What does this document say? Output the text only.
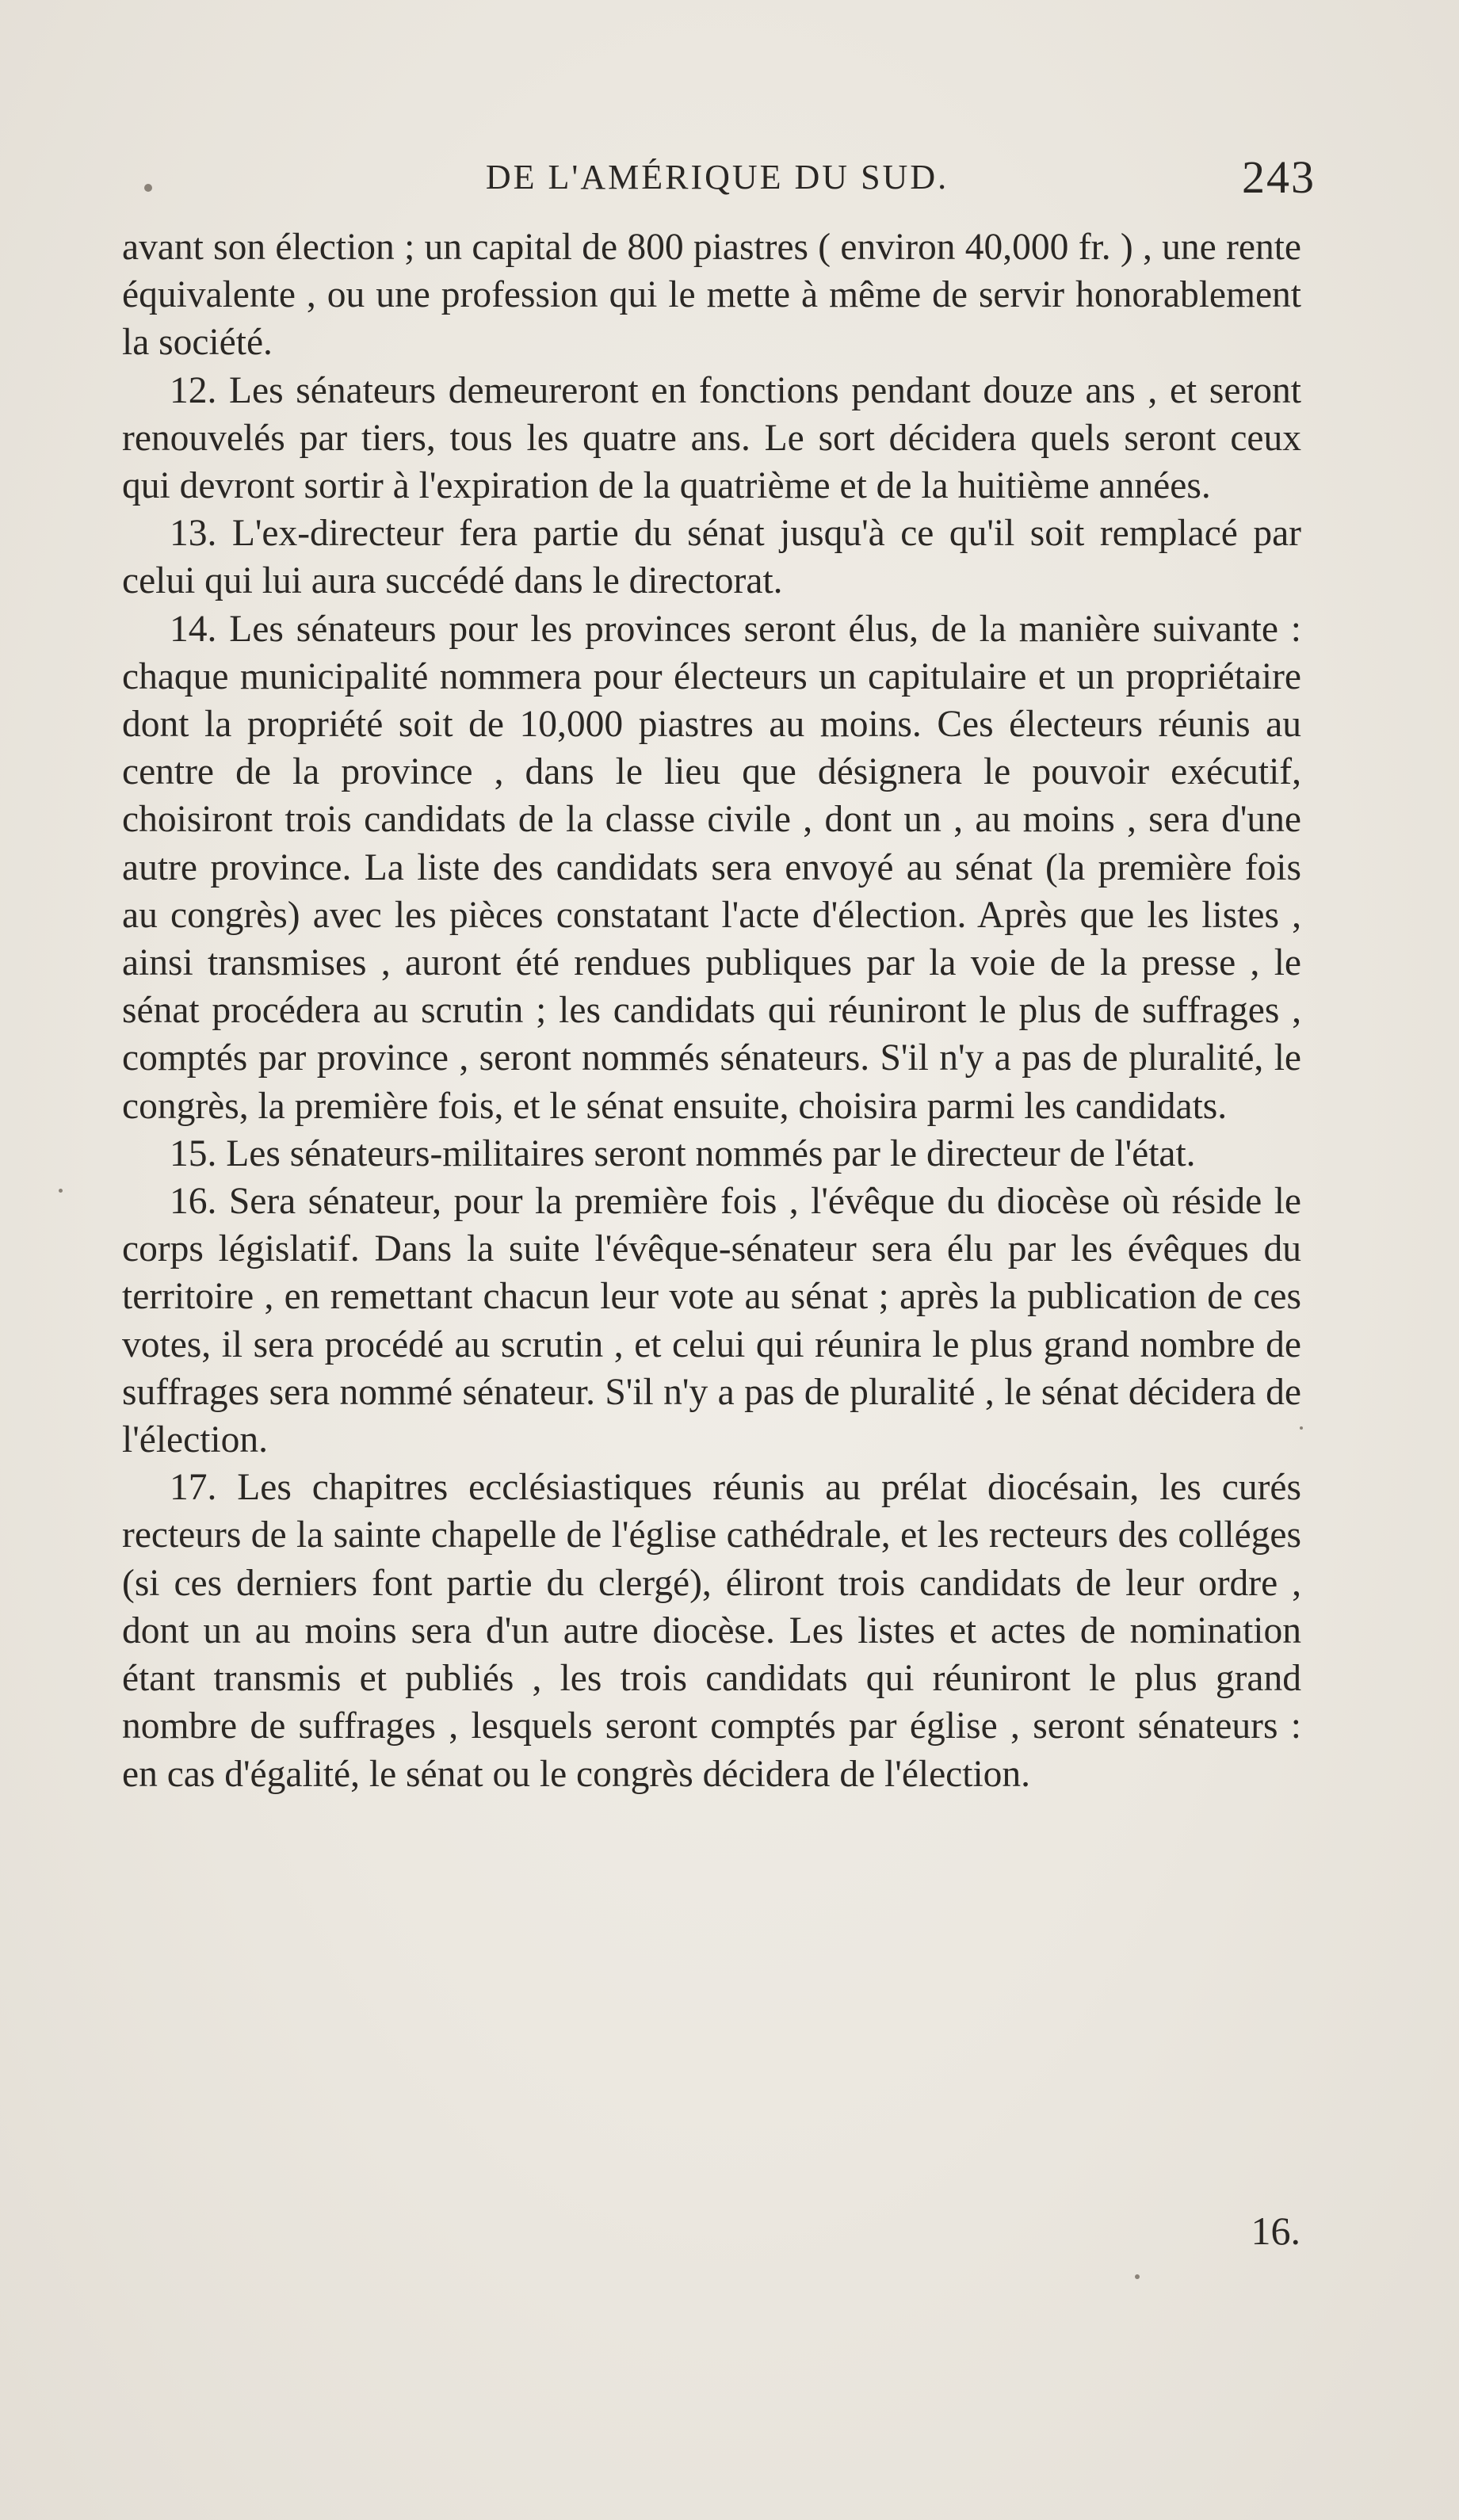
DE L'AMÉRIQUE DU SUD.	243

avant son élection ; un capital de 800 piastres ( environ 40,000 fr. ) , une rente équivalente , ou une profession qui le mette à même de servir honorablement la société.

12. Les sénateurs demeureront en fonctions pendant douze ans , et seront renouvelés par tiers, tous les quatre ans. Le sort décidera quels seront ceux qui devront sortir à l'expiration de la quatrième et de la huitième années.

13. L'ex-directeur fera partie du sénat jusqu'à ce qu'il soit remplacé par celui qui lui aura succédé dans le directorat.

14. Les sénateurs pour les provinces seront élus, de la manière suivante : chaque municipalité nommera pour électeurs un capitulaire et un propriétaire dont la propriété soit de 10,000 piastres au moins. Ces électeurs réunis au centre de la province , dans le lieu que désignera le pouvoir exécutif, choisiront trois candidats de la classe civile , dont un , au moins , sera d'une autre province. La liste des candidats sera envoyé au sénat (la première fois au congrès) avec les pièces constatant l'acte d'élection. Après que les listes , ainsi transmises , auront été rendues publiques par la voie de la presse , le sénat procédera au scrutin ; les candidats qui réuniront le plus de suffrages , comptés par province , seront nommés sénateurs. S'il n'y a pas de pluralité, le congrès, la première fois, et le sénat ensuite, choisira parmi les candidats.

15. Les sénateurs-militaires seront nommés par le directeur de l'état.

16. Sera sénateur, pour la première fois , l'évêque du diocèse où réside le corps législatif. Dans la suite l'évêque-sénateur sera élu par les évêques du territoire , en remettant chacun leur vote au sénat ; après la publication de ces votes, il sera procédé au scrutin , et celui qui réunira le plus grand nombre de suffrages sera nommé sénateur. S'il n'y a pas de pluralité , le sénat décidera de l'élection.

17. Les chapitres ecclésiastiques réunis au prélat diocésain, les curés recteurs de la sainte chapelle de l'église cathédrale, et les recteurs des colléges (si ces derniers font partie du clergé), éliront trois candidats de leur ordre , dont un au moins sera d'un autre diocèse. Les listes et actes de nomination étant transmis et publiés , les trois candidats qui réuniront le plus grand nombre de suffrages , lesquels seront comptés par église , seront sénateurs : en cas d'égalité, le sénat ou le congrès décidera de l'élection.

16.
